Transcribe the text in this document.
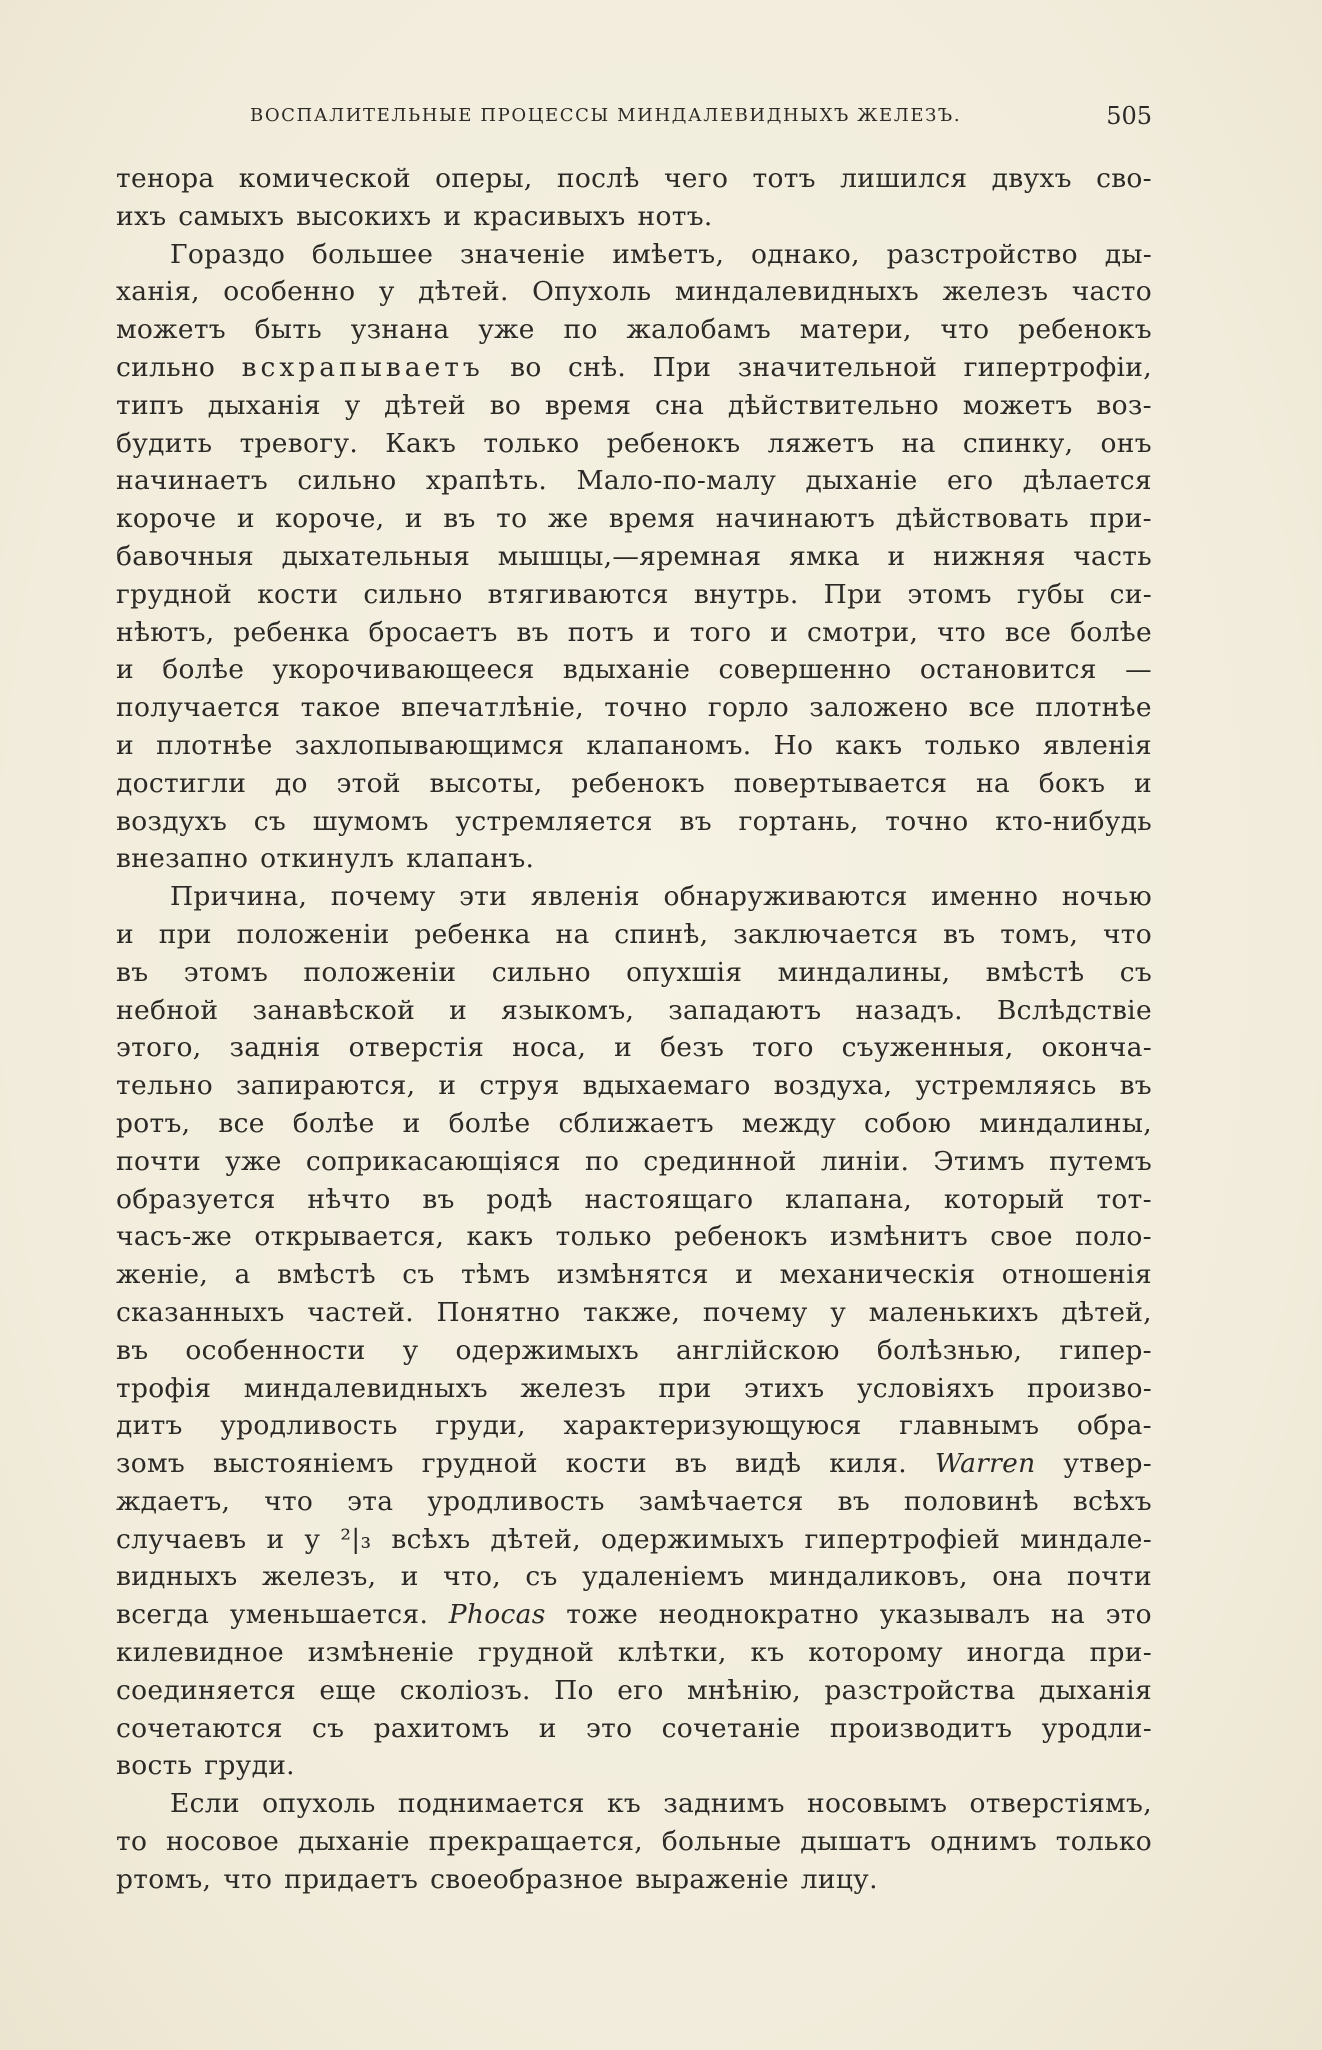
ВОСПАЛИТЕЛЬНЫЕ ПРОЦЕССЫ МИНДАЛЕВИДНЫХЪ ЖЕЛЕЗЪ.	505
тенора комической оперы, послѣ чего тотъ лишился двухъ сво-
ихъ самыхъ высокихъ и красивыхъ нотъ.
Гораздо большее значеніе имѣетъ, однако, разстройство ды-
ханія, особенно у дѣтей. Опухоль миндалевидныхъ железъ часто
можетъ быть узнана уже по жалобамъ матери, что ребенокъ
сильно всхрапываетъ во снѣ. При значительной гипертрофіи,
типъ дыханія у дѣтей во время сна дѣйствительно можетъ воз-
будить тревогу. Какъ только ребенокъ ляжетъ на спинку, онъ
начинаетъ сильно храпѣть. Мало-по-малу дыханіе его дѣлается
короче и короче, и въ то же время начинаютъ дѣйствовать при-
бавочныя дыхательныя мышцы,—яремная ямка и нижняя часть
грудной кости сильно втягиваются внутрь. При этомъ губы си-
нѣютъ, ребенка бросаетъ въ потъ и того и смотри, что все болѣе
и болѣе укорочивающееся вдыханіе совершенно остановится —
получается такое впечатлѣніе, точно горло заложено все плотнѣе
и плотнѣе захлопывающимся клапаномъ. Но какъ только явленія
достигли до этой высоты, ребенокъ повертывается на бокъ и
воздухъ съ шумомъ устремляется въ гортань, точно кто-нибудь
внезапно откинулъ клапанъ.
Причина, почему эти явленія обнаруживаются именно ночью
и при положеніи ребенка на спинѣ, заключается въ томъ, что
въ этомъ положеніи сильно опухшія миндалины, вмѣстѣ съ
небной занавѣской и языкомъ, западаютъ назадъ. Вслѣдствіе
этого, заднія отверстія носа, и безъ того съуженныя, оконча-
тельно запираются, и струя вдыхаемаго воздуха, устремляясь въ
ротъ, все болѣе и болѣе сближаетъ между собою миндалины,
почти уже соприкасающіяся по срединной линіи. Этимъ путемъ
образуется нѣчто въ родѣ настоящаго клапана, который тот-
часъ-же открывается, какъ только ребенокъ измѣнитъ свое поло-
женіе, а вмѣстѣ съ тѣмъ измѣнятся и механическія отношенія
сказанныхъ частей. Понятно также, почему у маленькихъ дѣтей,
въ особенности у одержимыхъ англійскою болѣзнью, гипер-
трофія миндалевидныхъ железъ при этихъ условіяхъ произво-
дитъ уродливость груди, характеризующуюся главнымъ обра-
зомъ выстояніемъ грудной кости въ видѣ киля. Warren утвер-
ждаетъ, что эта уродливость замѣчается въ половинѣ всѣхъ
случаевъ и у ²|₃ всѣхъ дѣтей, одержимыхъ гипертрофіей миндале-
видныхъ железъ, и что, съ удаленіемъ миндаликовъ, она почти
всегда уменьшается. Phocas тоже неоднократно указывалъ на это
килевидное измѣненіе грудной клѣтки, къ которому иногда при-
соединяется еще сколіозъ. По его мнѣнію, разстройства дыханія
сочетаются съ рахитомъ и это сочетаніе производитъ уродли-
вость груди.
Если опухоль поднимается къ заднимъ носовымъ отверстіямъ,
то носовое дыханіе прекращается, больные дышатъ однимъ только
ртомъ, что придаетъ своеобразное выраженіе лицу.
